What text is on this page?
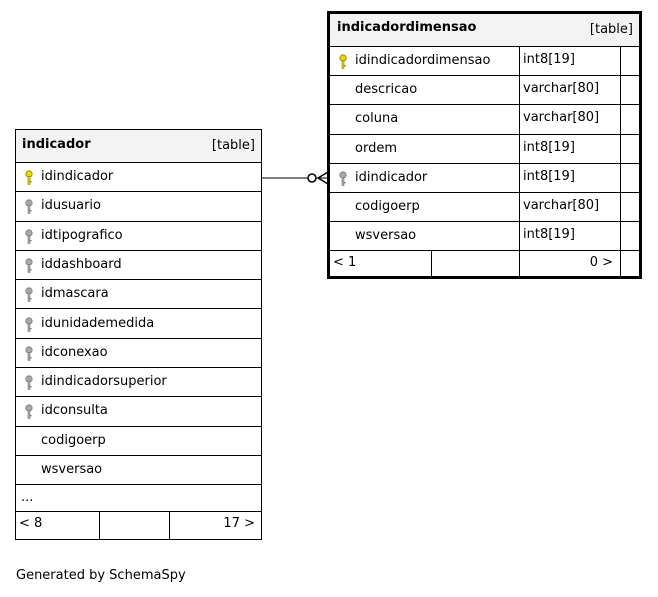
indicador	[table]
idindicador
idusuario
idtipografico
iddashboard
idmascara
idunidademedida
idconexao
idindicadorsuperior
idconsulta
codigoerp
wsversao
...
< 8	17 >
indicadordimensao	[table]
idindicadordimensao	int8[19]
descricao	varchar[80]
coluna	varchar[80]
ordem	int8[19]
idindicador	int8[19]
codigoerp	varchar[80]
wsversao	int8[19]
< 1	0 >
Generated by SchemaSpy
